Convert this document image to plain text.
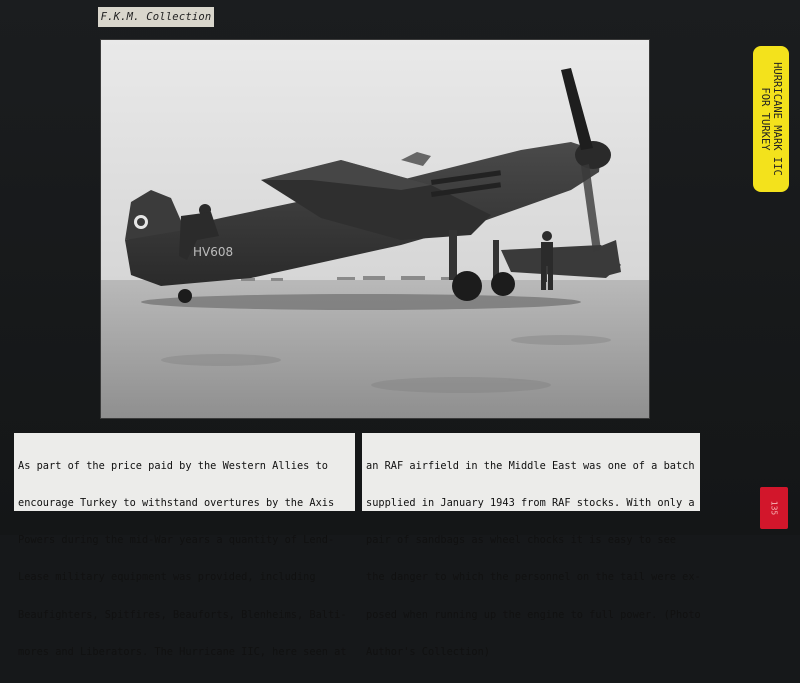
F.K.M. Collection
HV608
HURRICANE MARK IIC
FOR TURKEY

As part of the price paid by the Western Allies to

encourage Turkey to withstand overtures by the Axis

Powers during the mid-War years a quantity of Lend-

Lease military equipment was provided, including

Beaufighters, Spitfires, Beauforts, Blenheims, Balti-

mores and Liberators. The Hurricane IIC, here seen at

an RAF airfield in the Middle East was one of a batch

supplied in January 1943 from RAF stocks. With only a

pair of sandbags as wheel chocks it is easy to see

the danger to which the personnel on the tail were ex-

posed when running up the engine to full power. (Photo

Author's Collection)

135
